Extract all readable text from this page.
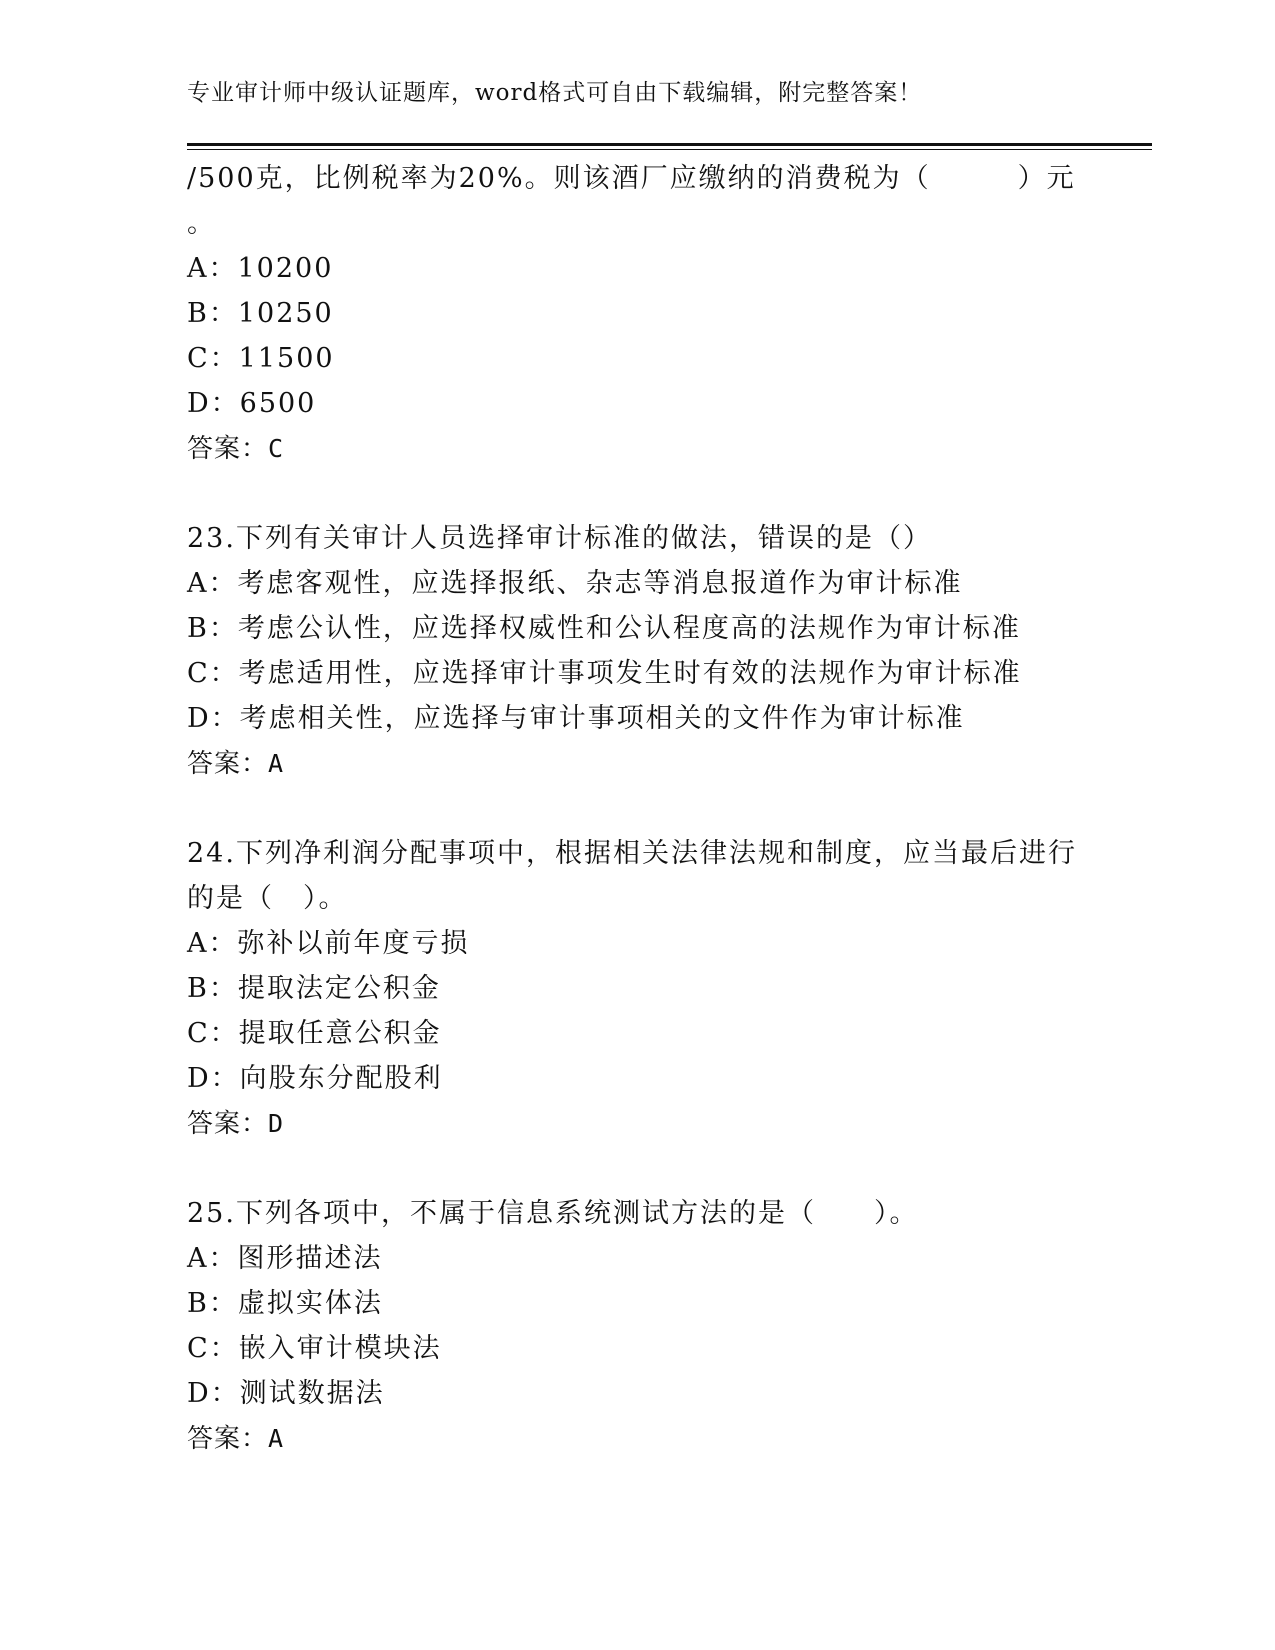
专业审计师中级认证题库，word格式可自由下载编辑，附完整答案！
/500克，比例税率为20%。则该酒厂应缴纳的消费税为（　　　）元
。
A：10200
B：10250
C：11500
D：6500
答案：C
23.下列有关审计人员选择审计标准的做法，错误的是（）
A：考虑客观性，应选择报纸、杂志等消息报道作为审计标准
B：考虑公认性，应选择权威性和公认程度高的法规作为审计标准
C：考虑适用性，应选择审计事项发生时有效的法规作为审计标准
D：考虑相关性，应选择与审计事项相关的文件作为审计标准
答案：A
24.下列净利润分配事项中，根据相关法律法规和制度，应当最后进行
的是（　）。
A：弥补以前年度亏损
B：提取法定公积金
C：提取任意公积金
D：向股东分配股利
答案：D
25.下列各项中，不属于信息系统测试方法的是（　　）。
A：图形描述法
B：虚拟实体法
C：嵌入审计模块法
D：测试数据法
答案：A
